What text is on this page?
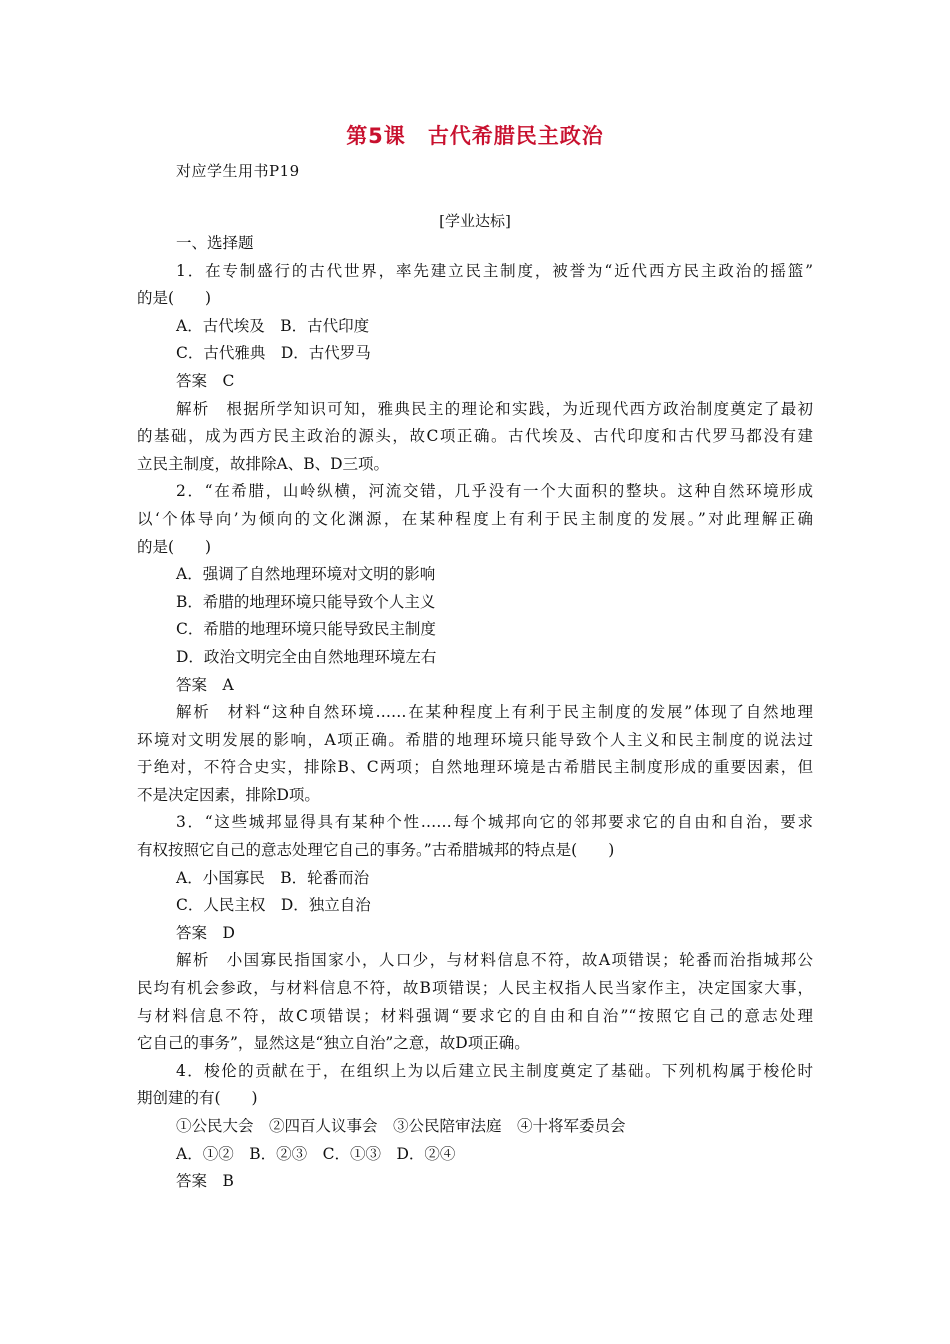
第5课 古代希腊民主政治
对应学生用书P19
[学业达标]
一、选择题
1．在专制盛行的古代世界，率先建立民主制度，被誉为“近代西方民主政治的摇篮”
的是(　　)
A．古代埃及　B．古代印度
C．古代雅典　D．古代罗马
答案　C
解析　根据所学知识可知，雅典民主的理论和实践，为近现代西方政治制度奠定了最初
的基础，成为西方民主政治的源头，故C项正确。古代埃及、古代印度和古代罗马都没有建
立民主制度，故排除A、B、D三项。
2．“在希腊，山岭纵横，河流交错，几乎没有一个大面积的整块。这种自然环境形成
以‘个体导向’为倾向的文化渊源，在某种程度上有利于民主制度的发展。”对此理解正确
的是(　　)
A．强调了自然地理环境对文明的影响
B．希腊的地理环境只能导致个人主义
C．希腊的地理环境只能导致民主制度
D．政治文明完全由自然地理环境左右
答案　A
解析　材料“这种自然环境……在某种程度上有利于民主制度的发展”体现了自然地理
环境对文明发展的影响，A项正确。希腊的地理环境只能导致个人主义和民主制度的说法过
于绝对，不符合史实，排除B、C两项；自然地理环境是古希腊民主制度形成的重要因素，但
不是决定因素，排除D项。
3．“这些城邦显得具有某种个性……每个城邦向它的邻邦要求它的自由和自治，要求
有权按照它自己的意志处理它自己的事务。”古希腊城邦的特点是(　　)
A．小国寡民　B．轮番而治
C．人民主权　D．独立自治
答案　D
解析　小国寡民指国家小，人口少，与材料信息不符，故A项错误；轮番而治指城邦公
民均有机会参政，与材料信息不符，故B项错误；人民主权指人民当家作主，决定国家大事，
与材料信息不符，故C项错误；材料强调“要求它的自由和自治”“按照它自己的意志处理
它自己的事务”，显然这是“独立自治”之意，故D项正确。
4．梭伦的贡献在于，在组织上为以后建立民主制度奠定了基础。下列机构属于梭伦时
期创建的有(　　)
①公民大会　②四百人议事会　③公民陪审法庭　④十将军委员会
A．①②　B．②③　C．①③　D．②④
答案　B
